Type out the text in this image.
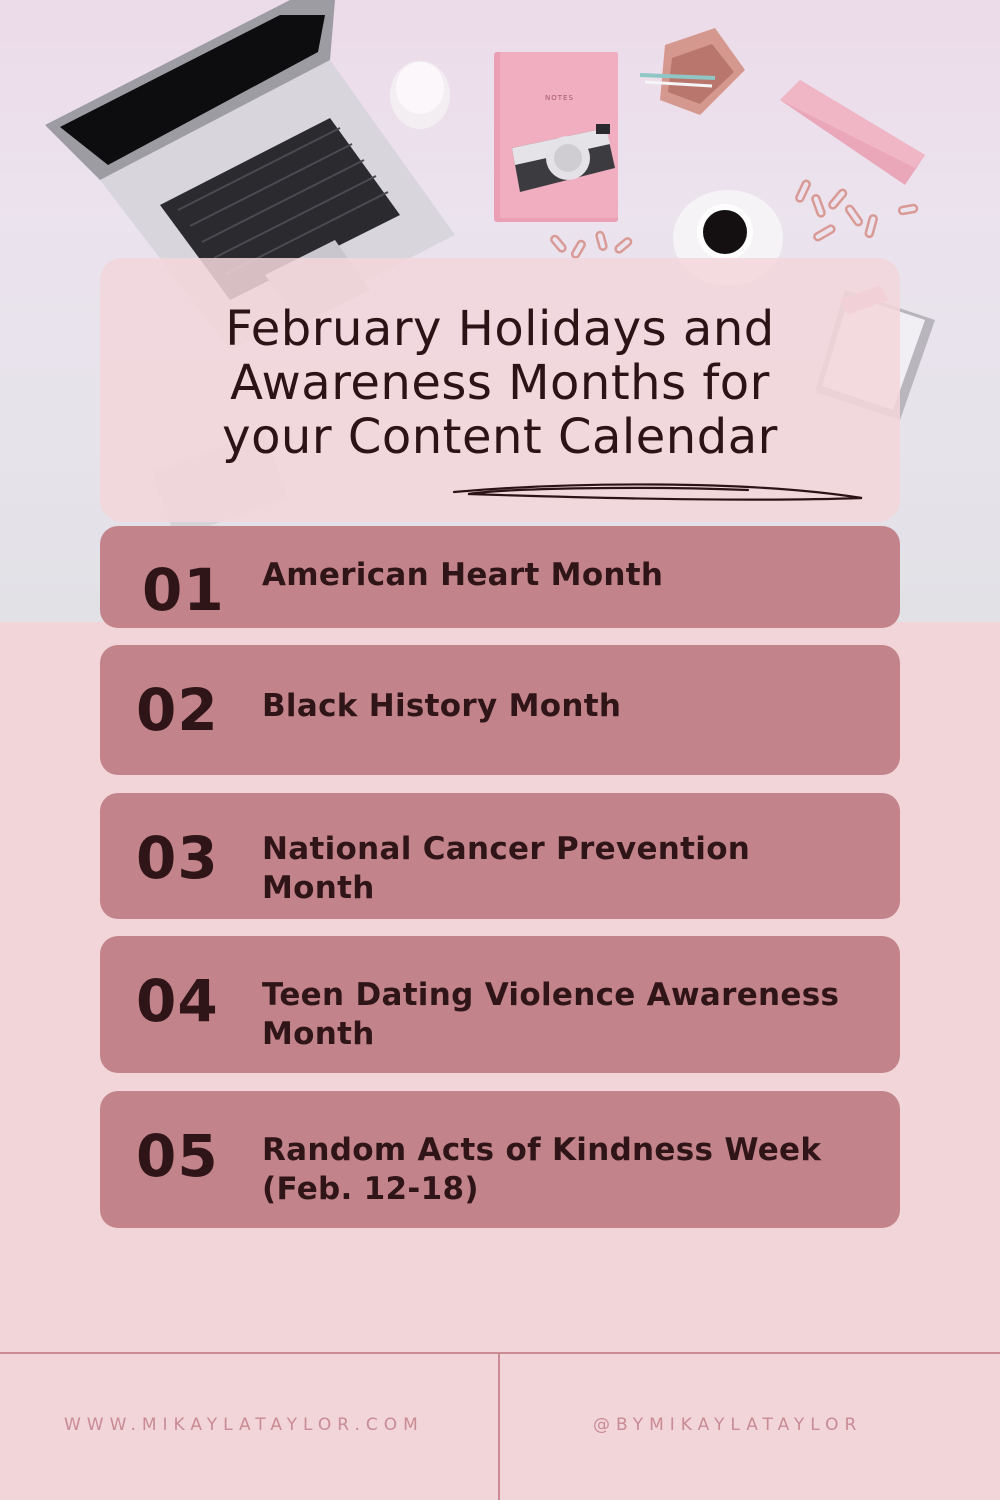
NOTES
February Holidays and
Awareness Months for
your Content Calendar
01 American Heart Month
02 Black History Month
03 National Cancer Prevention Month
04 Teen Dating Violence Awareness Month
05 Random Acts of Kindness Week (Feb. 12-18)
WWW.MIKAYLATAYLOR.COM	@BYMIKAYLATAYLOR
